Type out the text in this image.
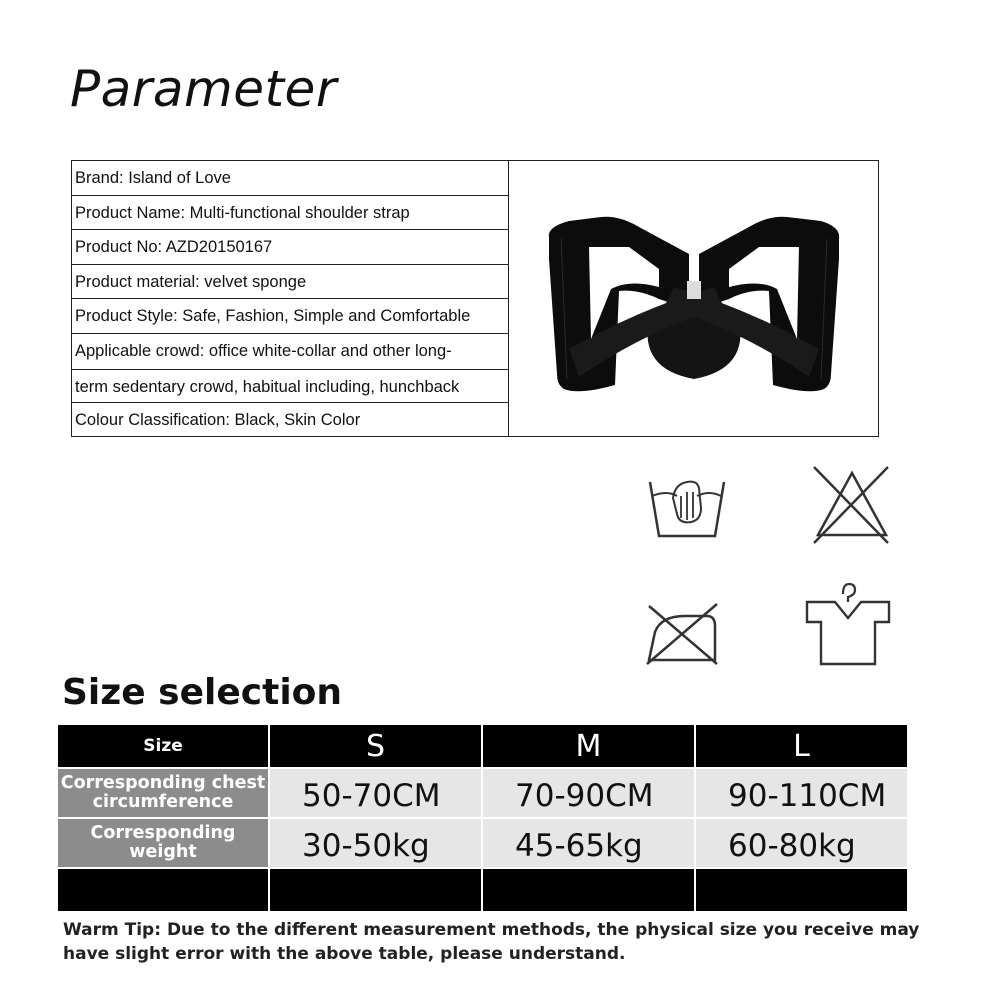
Parameter
Brand: Island of Love
Product Name: Multi-functional shoulder strap
Product No: AZD20150167
Product material: velvet sponge
Product Style: Safe, Fashion, Simple and Comfortable
Applicable crowd: office white-collar and other long-
term sedentary crowd, habitual including, hunchback
Colour Classification: Black, Skin Color
Size selection
Size	S	M	L
Corresponding chest circumference	50-70CM	70-90CM	90-110CM
Corresponding weight	30-50kg	45-65kg	60-80kg

Warm Tip: Due to the different measurement methods, the physical size you receive may have slight error with the above table, please understand.
